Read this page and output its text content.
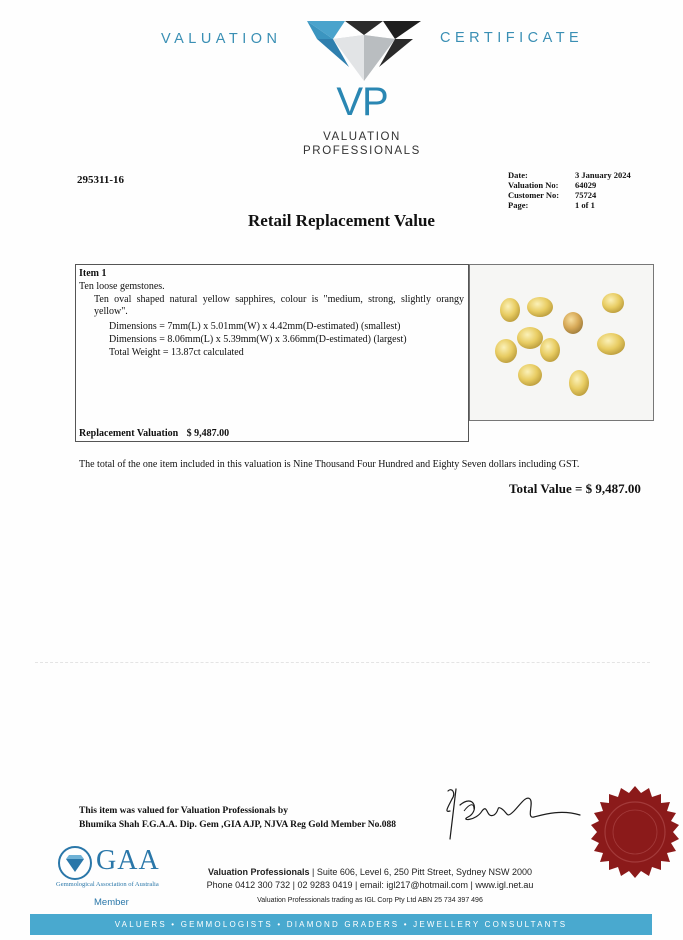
VALUATION	CERTIFICATE
VP
VALUATION
PROFESSIONALS
295311-16	Date:	3 January 2024
Valuation No:	64029
Customer No:	75724
Page:	1 of 1
Retail Replacement Value
Item 1
Ten loose gemstones.
Ten oval shaped natural yellow sapphires, colour is "medium, strong, slightly orangy yellow".
Dimensions = 7mm(L) x 5.01mm(W) x 4.42mm(D-estimated) (smallest)
Dimensions = 8.06mm(L) x 5.39mm(W) x 3.66mm(D-estimated) (largest)
Total Weight = 13.87ct calculated
Replacement Valuation $ 9,487.00
The total of the one item included in this valuation is Nine Thousand Four Hundred and Eighty Seven dollars including GST.
Total Value = $ 9,487.00
This item was valued for Valuation Professionals by
Bhumika Shah F.G.A.A. Dip. Gem ,GIA AJP, NJVA Reg Gold Member No.088
GAA
Gemmological Association of Australia
Member
Valuation Professionals | Suite 606, Level 6, 250 Pitt Street, Sydney NSW 2000
Phone 0412 300 732 | 02 9283 0419 | email: igl217@hotmail.com | www.igl.net.au
Valuation Professionals trading as IGL Corp Pty Ltd ABN 25 734 397 496
VALUERS • GEMMOLOGISTS • DIAMOND GRADERS • JEWELLERY CONSULTANTS
